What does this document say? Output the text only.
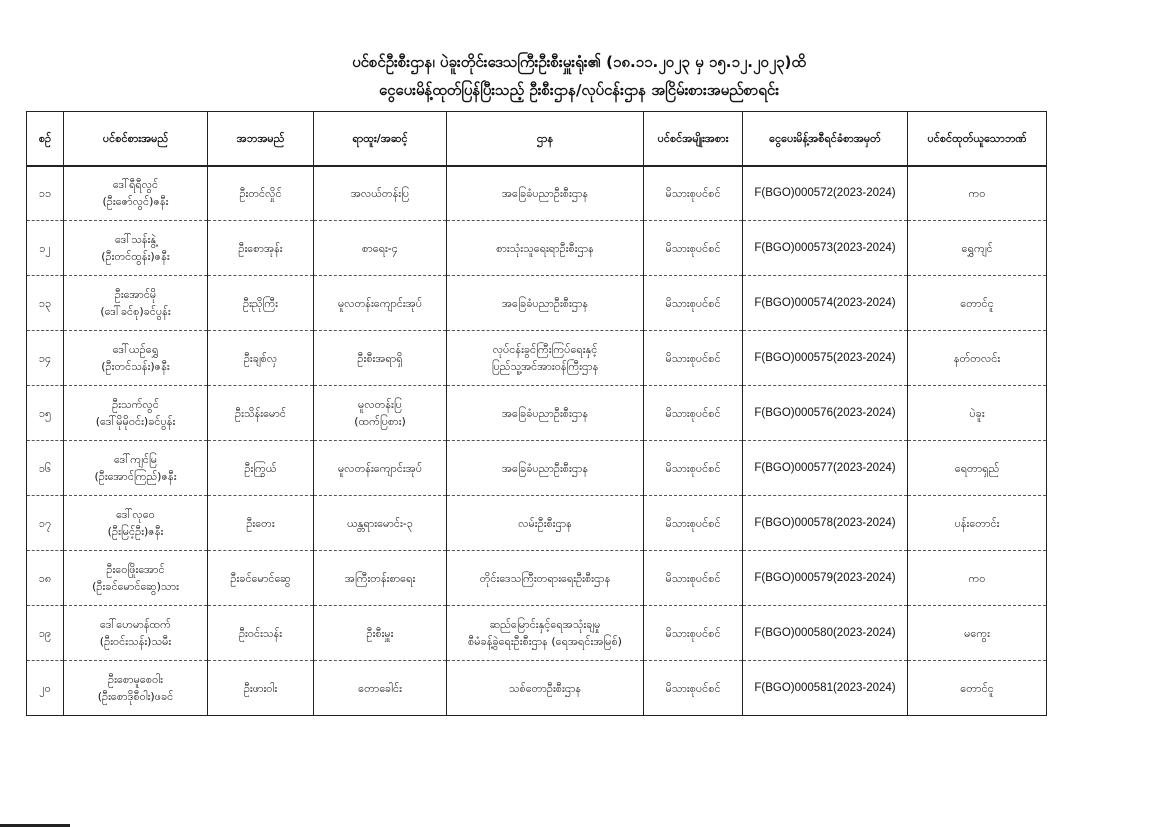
ပင်စင်ဦးစီးဌာန၊ ပဲခူးတိုင်းဒေသကြီးဦးစီးမှူးရုံး၏ (၁၈.၁၁.၂၀၂၃ မှ ၁၅.၁၂.၂၀၂၃)ထိ
ငွေပေးမိန့်ထုတ်ပြန်ပြီးသည့် ဦးစီးဌာန/လုပ်ငန်းဌာန အငြိမ်းစားအမည်စာရင်း
စဉ်	ပင်စင်စားအမည်	အဘအမည်	ရာထူး/အဆင့်	ဌာန	ပင်စင်အမျိုးအစား	ငွေပေးမိန့်အစီရင်ခံစာအမှတ်	ပင်စင်ထုတ်ယူသောဘဏ်
၁၁	ဒေါ်ရီရီလွင်
(ဦးဇော်လွင်)ဇနီး	ဦးတင်လှိုင်	အလယ်တန်းပြ	အခြေခံပညာဦးစီးဌာန	မိသားစုပင်စင်	F(BGO)000572(2023-2024)	ကဝ
၁၂	ဒေါ်သန်းနွဲ့
(ဦးတင်ထွန်း)ဇနီး	ဦးစောအုန်း	စာရေး-၄	စားသုံးသူရေးရာဦးစီးဌာန	မိသားစုပင်စင်	F(BGO)000573(2023-2024)	ရွှေကျင်
၁၃	ဦးအောင်မို
(ဒေါ်ခင်စု)ခင်ပွန်း	ဦးညိုကြီး	မူလတန်းကျောင်းအုပ်	အခြေခံပညာဦးစီးဌာန	မိသားစုပင်စင်	F(BGO)000574(2023-2024)	တောင်ငူ
၁၄	ဒေါ်ယဉ်ရွှေ
(ဦးတင်သန်း)ဇနီး	ဦးချစ်လှ	ဦးစီးအရာရှိ	လုပ်ငန်းခွင်ကြီးကြပ်ရေးနှင့်
ပြည်သူ့အင်အားဝန်ကြီးဌာန	မိသားစုပင်စင်	F(BGO)000575(2023-2024)	နတ်တလင်း
၁၅	ဦးသက်လွင်
(ဒေါ်မိုမိုဝင်း)ခင်ပွန်း	ဦးသိန်းမောင်	မူလတန်းပြ
(ထက်ပြစား)	အခြေခံပညာဦးစီးဌာန	မိသားစုပင်စင်	F(BGO)000576(2023-2024)	ပဲခူး
၁၆	ဒေါ်ကျင်မြ
(ဦးအောင်ကြည်)ဇနီး	ဦးကြွယ်	မူလတန်းကျောင်းအုပ်	အခြေခံပညာဦးစီးဌာန	မိသားစုပင်စင်	F(BGO)000577(2023-2024)	ရေတာရှည်
၁၇	ဒေါ်လုဝေ
(ဦးမြင့်ဦး)ဇနီး	ဦးတေး	ယန္တရားမောင်း-၃	လမ်းဦးစီးဌာန	မိသားစုပင်စင်	F(BGO)000578(2023-2024)	ပန်းတောင်း
၁၈	ဦးဝေဖြိုးအောင်
(ဦးခင်မောင်ဆွေ)သား	ဦးခင်မောင်ဆွေ	အကြီးတန်းစာရေး	တိုင်းဒေသကြီးတရားရေးဦးစီးဌာန	မိသားစုပင်စင်	F(BGO)000579(2023-2024)	ကဝ
၁၉	ဒေါ်ဟေမာန်ထက်
(ဦးဝင်းသန်း)သမီး	ဦးဝင်းသန်း	ဦးစီးမှူး	ဆည်မြောင်းနှင့်ရေအသုံးချမှု
စီမံခန့်ခွဲရေးဦးစီးဌာန (ရေအရင်းအမြစ်)	မိသားစုပင်စင်	F(BGO)000580(2023-2024)	မကွေး
၂၀	ဦးစောမူစေဝါး
(ဦးစောဒိုစီဝါး)ဖခင်	ဦးဖားဝါး	တောခေါင်း	သစ်တောဦးစီးဌာန	မိသားစုပင်စင်	F(BGO)000581(2023-2024)	တောင်ငူ
